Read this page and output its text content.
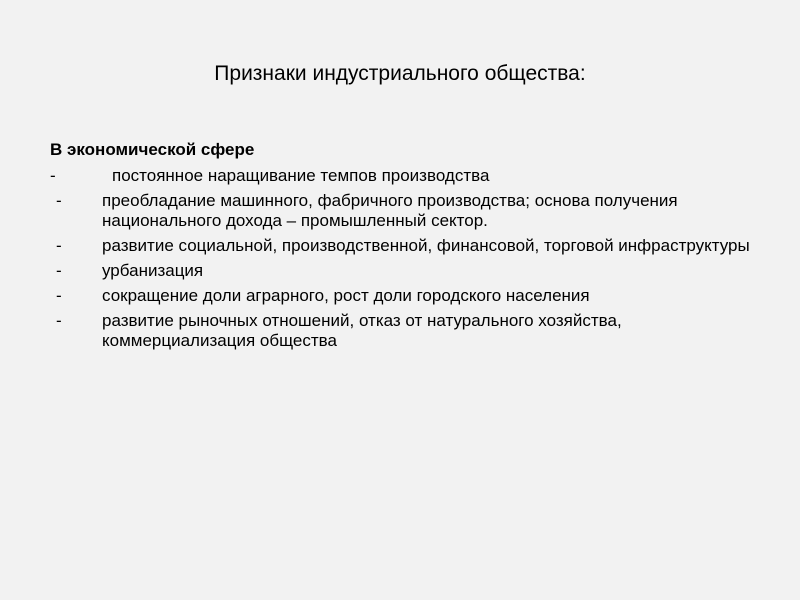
Признаки индустриального общества:
В экономической сфере
-	постоянное наращивание темпов производства
- преобладание машинного, фабричного производства; основа получения национального дохода – промышленный сектор.
- развитие социальной, производственной, финансовой, торговой инфраструктуры
- урбанизация
- сокращение доли аграрного, рост доли городского населения
- развитие рыночных отношений, отказ от натурального хозяйства, коммерциализация общества
